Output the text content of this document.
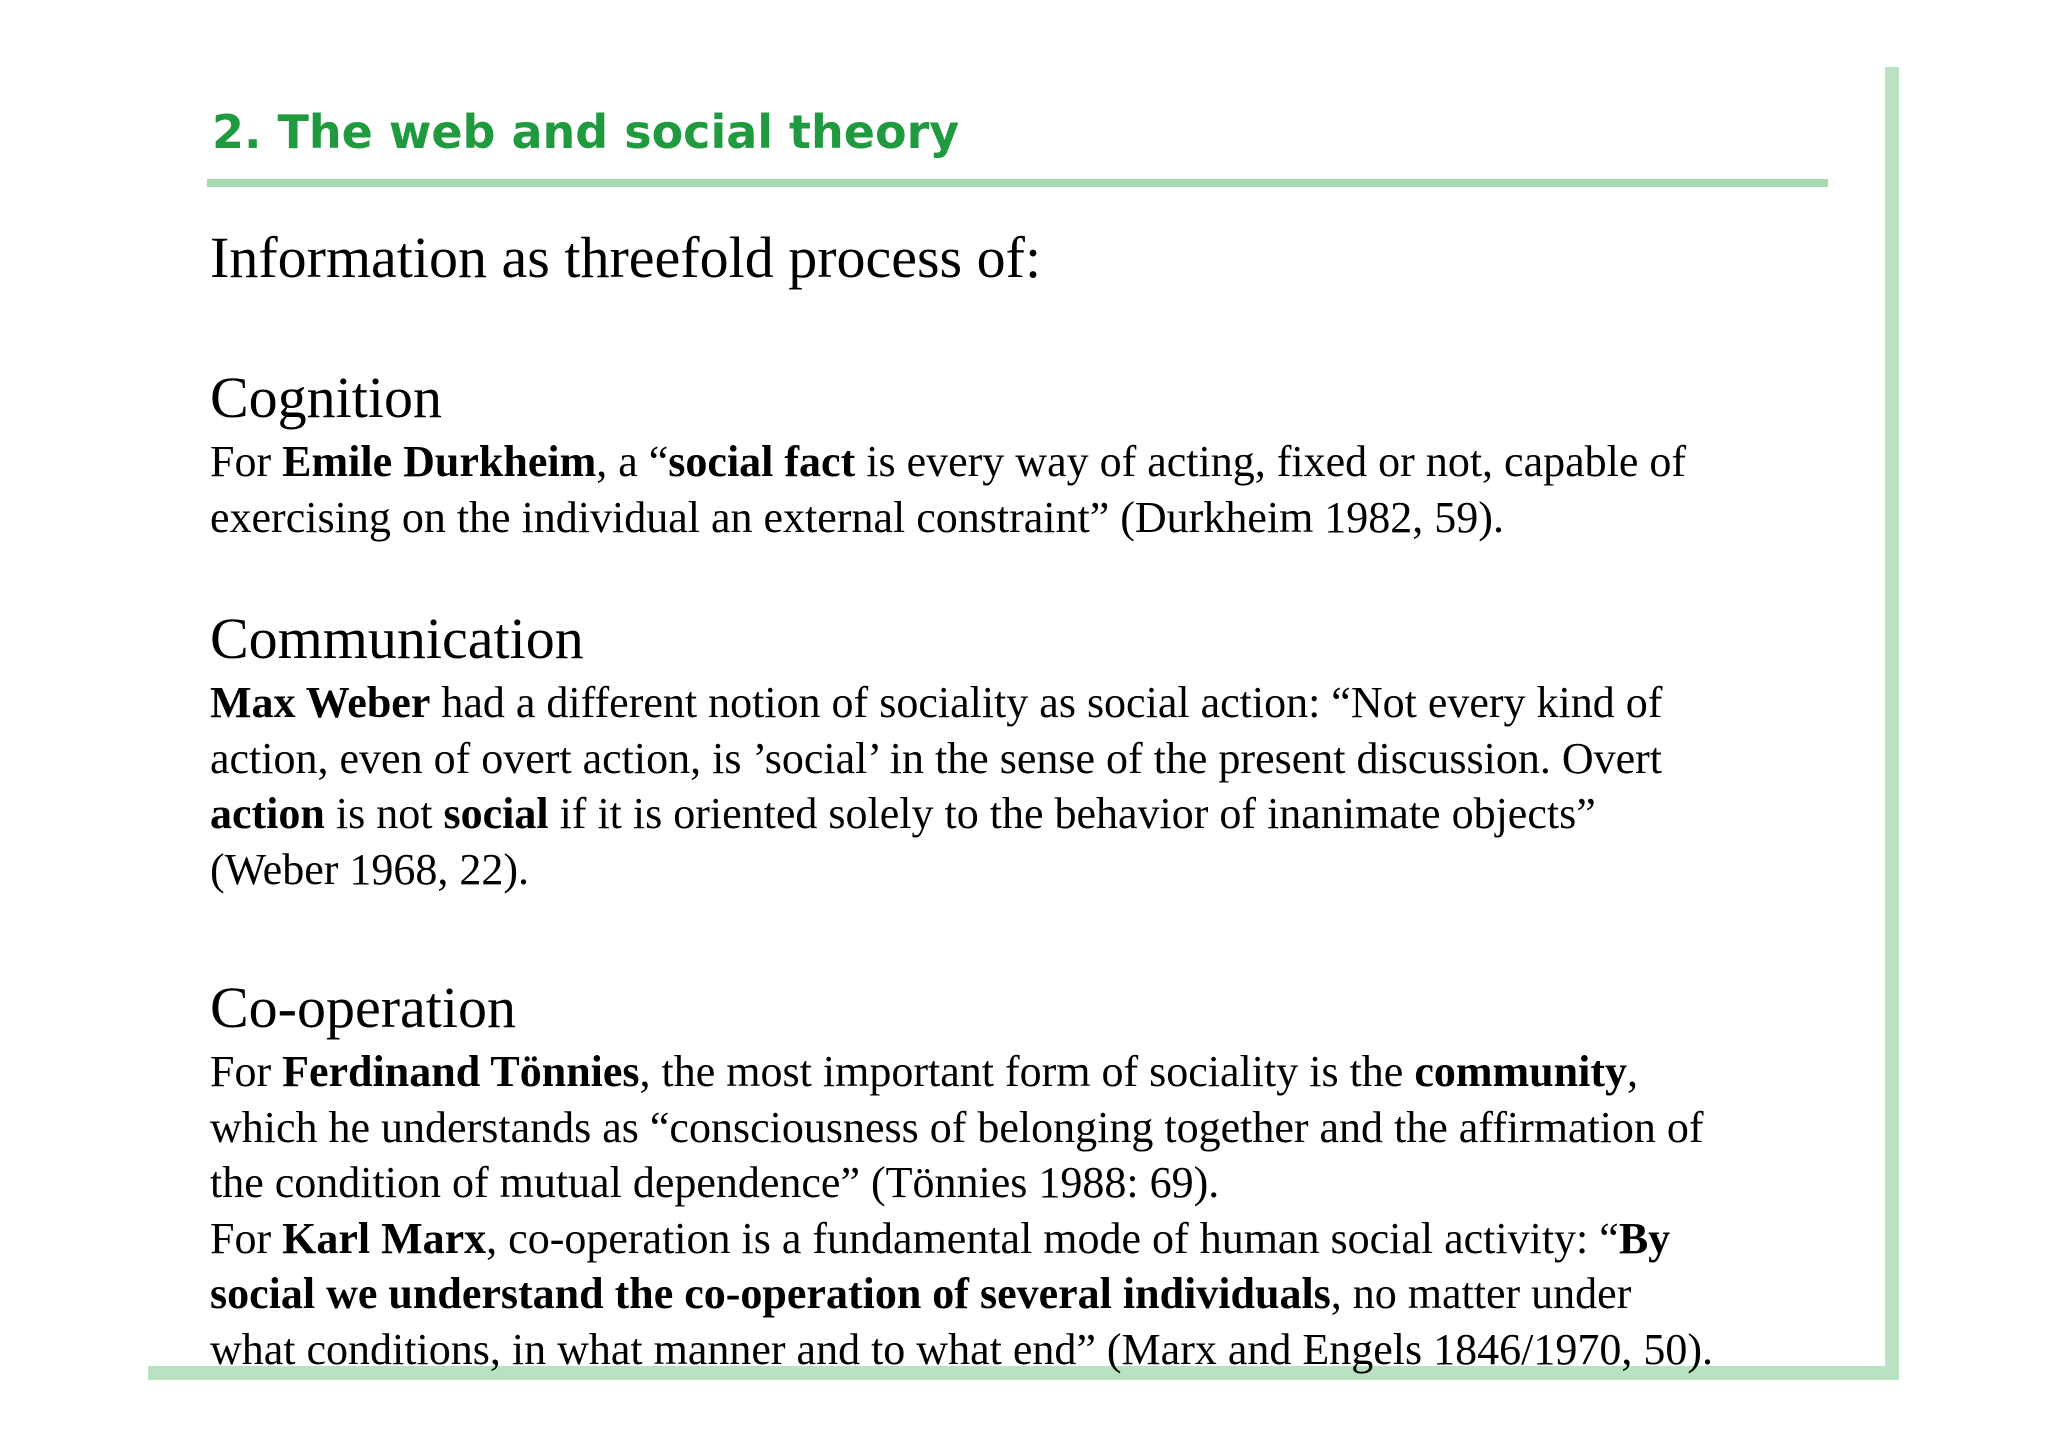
2. The web and social theory

Information as threefold process of:

Cognition

For Emile Durkheim, a “social fact is every way of acting, fixed or not, capable of
exercising on the individual an external constraint” (Durkheim 1982, 59).

Communication

Max Weber had a different notion of sociality as social action: “Not every kind of
action, even of overt action, is ’social’ in the sense of the present discussion. Overt
action is not social if it is oriented solely to the behavior of inanimate objects”
(Weber 1968, 22).

Co-operation

For Ferdinand Tönnies, the most important form of sociality is the community,
which he understands as “consciousness of belonging together and the affirmation of
the condition of mutual dependence” (Tönnies 1988: 69).
For Karl Marx, co-operation is a fundamental mode of human social activity: “By
social we understand the co-operation of several individuals, no matter under
what conditions, in what manner and to what end” (Marx and Engels 1846/1970, 50).
